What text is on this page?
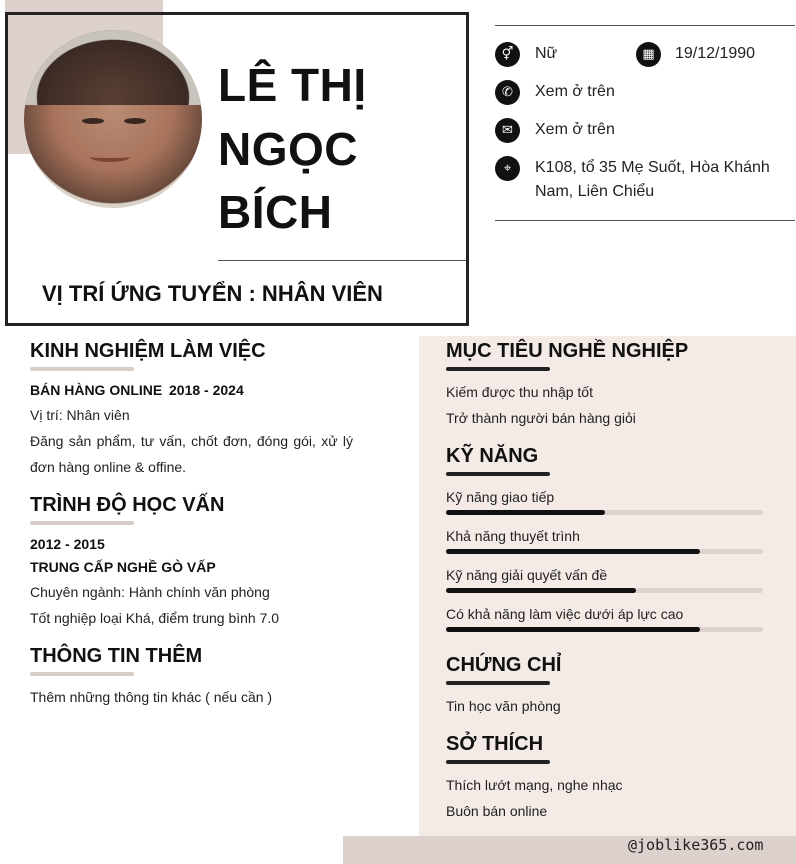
LÊ THỊ
NGỌC
BÍCH
VỊ TRÍ ỨNG TUYỂN : NHÂN VIÊN
⚥	Nữ	▦	19/12/1990
✆	Xem ở trên
✉	Xem ở trên
⌖	K108, tổ 35 Mẹ Suốt, Hòa Khánh
Nam, Liên Chiểu
KINH NGHIỆM LÀM VIỆC
BÁN HÀNG ONLINE 2018 - 2024
Vị trí: Nhân viên
Đăng sản phẩm, tư vấn, chốt đơn, đóng gói, xử lý
đơn hàng online & offine.
TRÌNH ĐỘ HỌC VẤN
2012 - 2015
TRUNG CẤP NGHỀ GÒ VẤP
Chuyên ngành: Hành chính văn phòng
Tốt nghiệp loại Khá, điểm trung bình 7.0
THÔNG TIN THÊM
Thêm những thông tin khác ( nếu cần )
MỤC TIÊU NGHỀ NGHIỆP
Kiếm được thu nhập tốt
Trở thành người bán hàng giỏi
KỸ NĂNG
Kỹ năng giao tiếp
Khả năng thuyết trình
Kỹ năng giải quyết vấn đề
Có khả năng làm việc dưới áp lực cao
CHỨNG CHỈ
Tin học văn phòng
SỞ THÍCH
Thích lướt mạng, nghe nhạc
Buôn bán online
@joblike365.com
